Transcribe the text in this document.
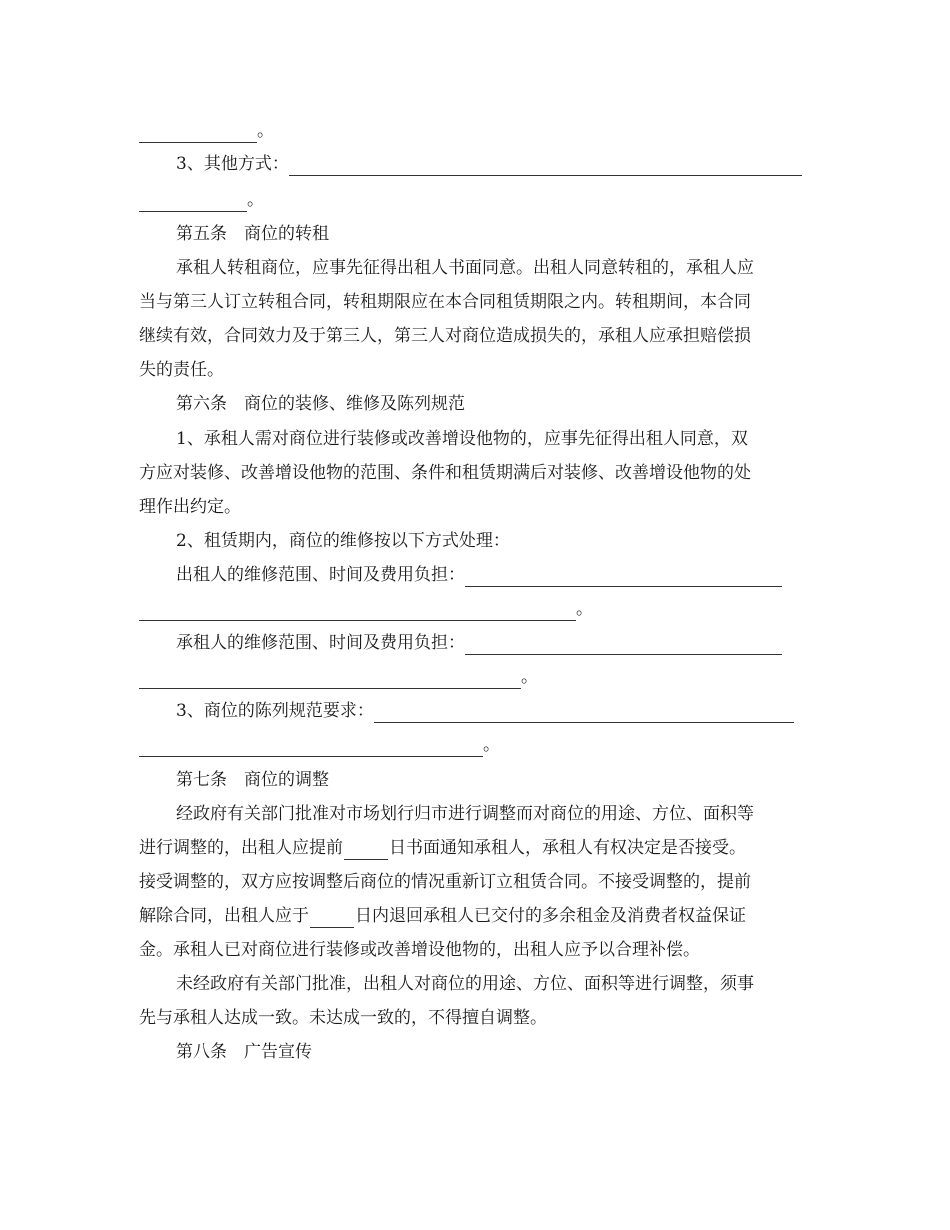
。
3、其他方式：
。
第五条　商位的转租
承租人转租商位，应事先征得出租人书面同意。出租人同意转租的，承租人应
当与第三人订立转租合同，转租期限应在本合同租赁期限之内。转租期间，本合同
继续有效，合同效力及于第三人，第三人对商位造成损失的，承租人应承担赔偿损
失的责任。
第六条　商位的装修、维修及陈列规范
1、承租人需对商位进行装修或改善增设他物的，应事先征得出租人同意，双
方应对装修、改善增设他物的范围、条件和租赁期满后对装修、改善增设他物的处
理作出约定。
2、租赁期内，商位的维修按以下方式处理：
出租人的维修范围、时间及费用负担：
。
承租人的维修范围、时间及费用负担：
。
3、商位的陈列规范要求：
。
第七条　商位的调整
经政府有关部门批准对市场划行归市进行调整而对商位的用途、方位、面积等
进行调整的，出租人应提前	日书面通知承租人，承租人有权决定是否接受。
接受调整的，双方应按调整后商位的情况重新订立租赁合同。不接受调整的，提前
解除合同，出租人应于	日内退回承租人已交付的多余租金及消费者权益保证
金。承租人已对商位进行装修或改善增设他物的，出租人应予以合理补偿。
未经政府有关部门批准，出租人对商位的用途、方位、面积等进行调整，须事
先与承租人达成一致。未达成一致的，不得擅自调整。
第八条　广告宣传
